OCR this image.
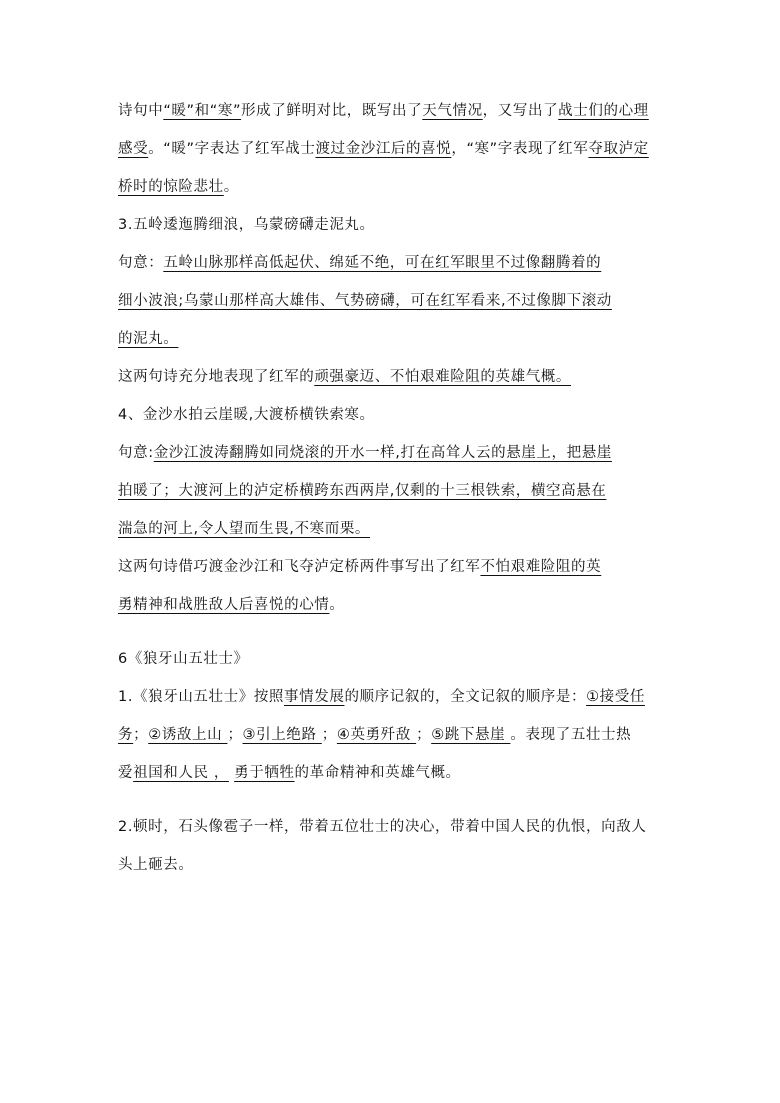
诗句中“暖”和“寒”形成了鲜明对比，既写出了天气情况，又写出了战士们的心理

感受。“暖”字表达了红军战士渡过金沙江后的喜悦，“寒”字表现了红军夺取泸定

桥时的惊险悲壮。

3.五岭逶迤腾细浪，乌蒙磅礴走泥丸。

句意：五岭山脉那样高低起伏、绵延不绝，可在红军眼里不过像翻腾着的

细小波浪;乌蒙山那样高大雄伟、气势磅礴，可在红军看来,不过像脚下滚动

的泥丸。

这两句诗充分地表现了红军的顽强豪迈、不怕艰难险阻的英雄气概。

4、金沙水拍云崖暖,大渡桥横铁索寒。

句意:金沙江波涛翻腾如同烧滚的开水一样,打在高耸人云的悬崖上，把悬崖

拍暖了；大渡河上的泸定桥横跨东西两岸,仅剩的十三根铁索，横空高悬在

湍急的河上,令人望而生畏,不寒而栗。

这两句诗借巧渡金沙江和飞夺泸定桥两件事写出了红军不怕艰难险阻的英

勇精神和战胜敌人后喜悦的心情。

6《狼牙山五壮士》

1.《狼牙山五壮士》按照事情发展的顺序记叙的，全文记叙的顺序是：①接受任

务；②诱敌上山 ；③引上绝路 ；④英勇歼敌 ；⑤跳下悬崖 。表现了五壮士热

爱祖国和人民 ， 勇于牺牲的革命精神和英雄气概。

2.顿时，石头像雹子一样，带着五位壮士的决心，带着中国人民的仇恨，向敌人

头上砸去。
